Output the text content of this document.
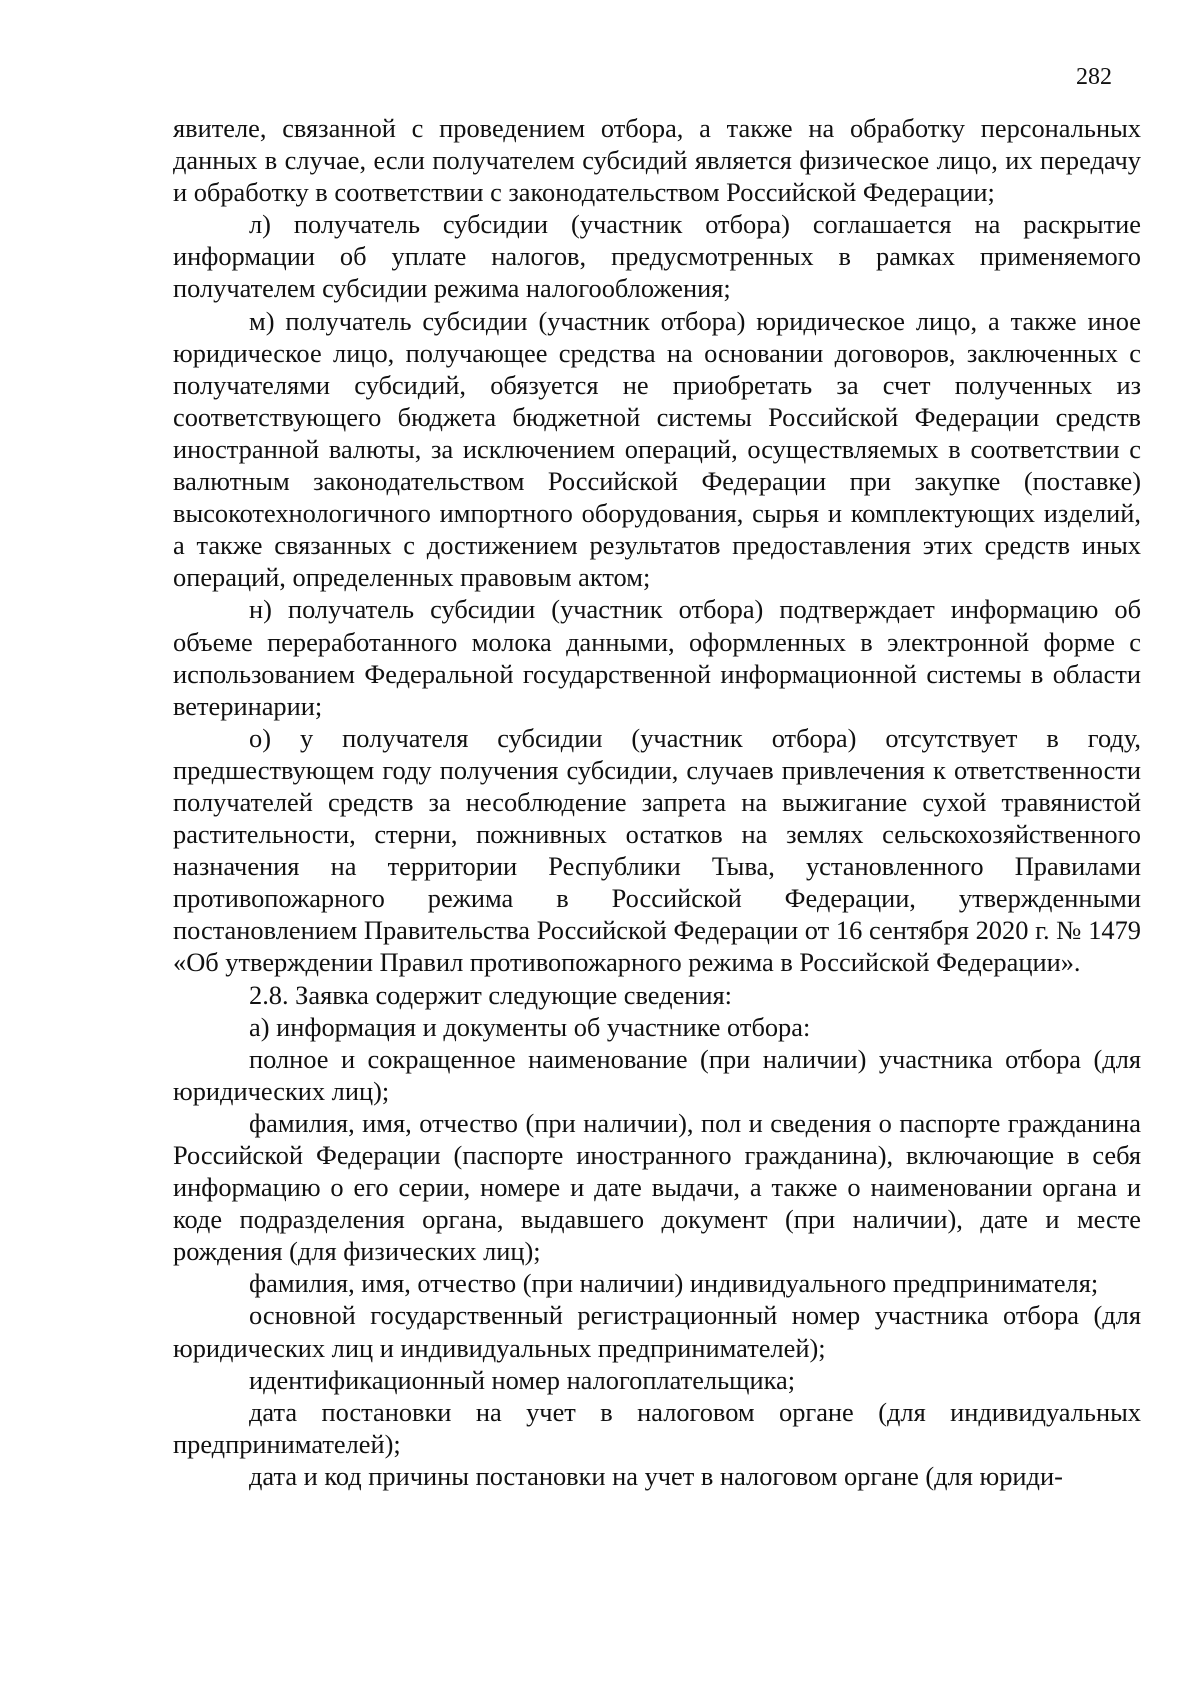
282

явителе, связанной с проведением отбора, а также на обработку персональных данных в случае, если получателем субсидий является физическое лицо, их передачу и обработку в соответствии с законодательством Российской Федерации;

л) получатель субсидии (участник отбора) соглашается на раскрытие информации об уплате налогов, предусмотренных в рамках применяемого получателем субсидии режима налогообложения;

м) получатель субсидии (участник отбора) юридическое лицо, а также иное юридическое лицо, получающее средства на основании договоров, заключенных с получателями субсидий, обязуется не приобретать за счет полученных из соответствующего бюджета бюджетной системы Российской Федерации средств иностранной валюты, за исключением операций, осуществляемых в соответствии с валютным законодательством Российской Федерации при закупке (поставке) высокотехнологичного импортного оборудования, сырья и комплектующих изделий, а также связанных с достижением результатов предоставления этих средств иных операций, определенных правовым актом;

н) получатель субсидии (участник отбора) подтверждает информацию об объеме переработанного молока данными, оформленных в электронной форме с использованием Федеральной государственной информационной системы в области ветеринарии;

о) у получателя субсидии (участник отбора) отсутствует в году, предшествующем году получения субсидии, случаев привлечения к ответственности получателей средств за несоблюдение запрета на выжигание сухой травянистой растительности, стерни, пожнивных остатков на землях сельскохозяйственного назначения на территории Республики Тыва, установленного Правилами противопожарного режима в Российской Федерации, утвержденными постановлением Правительства Российской Федерации от 16 сентября 2020 г. № 1479 «Об утверждении Правил противопожарного режима в Российской Федерации».

2.8. Заявка содержит следующие сведения:

а) информация и документы об участнике отбора:

полное и сокращенное наименование (при наличии) участника отбора (для юридических лиц);

фамилия, имя, отчество (при наличии), пол и сведения о паспорте гражданина Российской Федерации (паспорте иностранного гражданина), включающие в себя информацию о его серии, номере и дате выдачи, а также о наименовании органа и коде подразделения органа, выдавшего документ (при наличии), дате и месте рождения (для физических лиц);

фамилия, имя, отчество (при наличии) индивидуального предпринимателя;

основной государственный регистрационный номер участника отбора (для юридических лиц и индивидуальных предпринимателей);

идентификационный номер налогоплательщика;

дата постановки на учет в налоговом органе (для индивидуальных предпринимателей);

дата и код причины постановки на учет в налоговом органе (для юриди-
